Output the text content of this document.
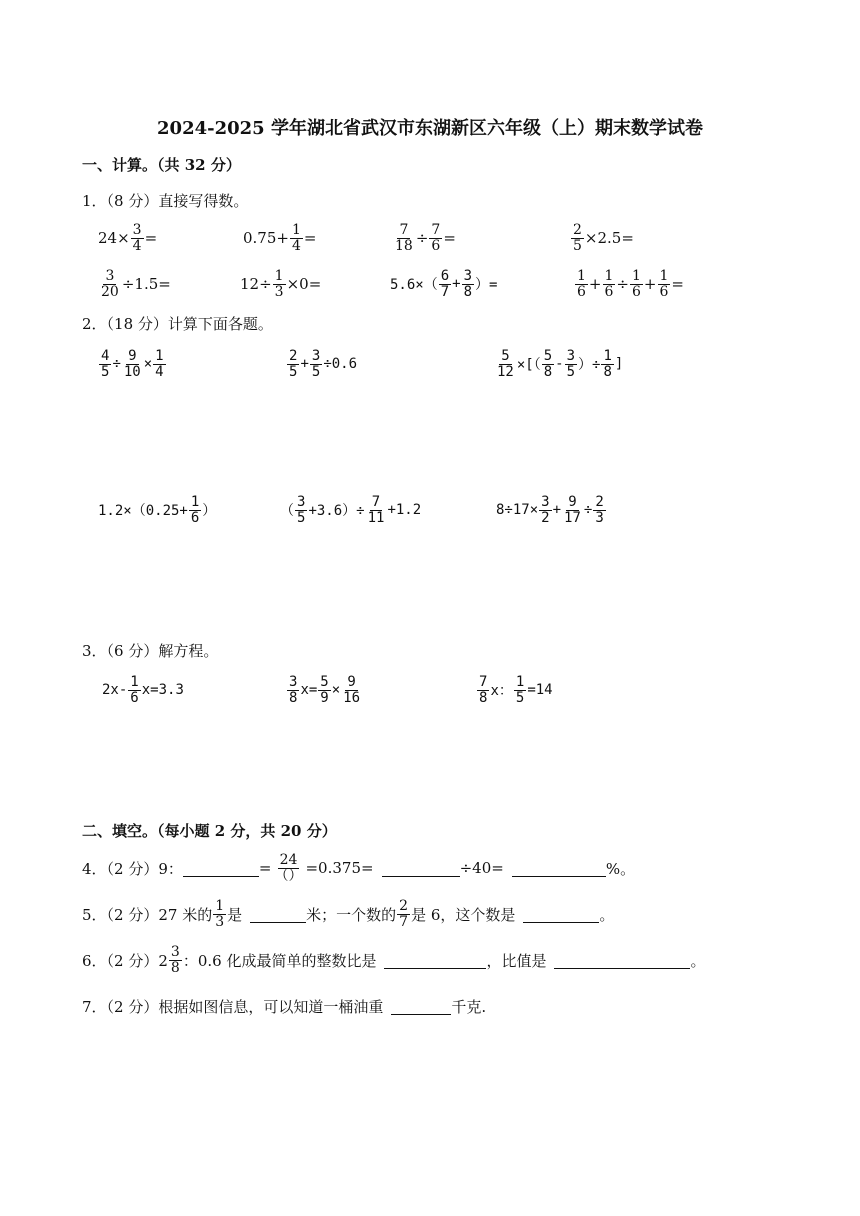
2024-2025 学年湖北省武汉市东湖新区六年级（上）期末数学试卷
一、计算。（共 32 分）
1．（8 分）直接写得数。
$24\times \frac{3}{4}$ =	$0.75+ \frac{1}{4}$ =	$\frac{7}{18} \div \frac{7}{6}$ =	$\frac{2}{5} \times 2.5=$
$\frac{3}{20} \div 1.5=$	$12\div \frac{1}{3} \times 0=$	$5.6\times( \frac{6}{7} + \frac{3}{8}$ ）=	$\frac{1}{6} + \frac{1}{6} \div \frac{1}{6} + \frac{1}{6}$ =
2．（18 分）计算下面各题。
$\frac{4}{5} \div \frac{9}{10} \times \frac{1}{4}$	$\frac{2}{5} + \frac{3}{5} \div 0.6$	$\frac{5}{12}$ ×[（ $\frac{5}{8} - \frac{3}{5}$ ）÷ $\frac{1}{8}$ ]
$1.2\times(0.25+ \frac{1}{6}$ ）	（ $\frac{3}{5} +3.6)\div \frac{7}{11} +1.2$	$8\div 17\times \frac{3}{2} + \frac{9}{17} \div \frac{2}{3}$
3．（6 分）解方程。
$2x- \frac{1}{6} x=3.3$	$\frac{3}{8} x= \frac{5}{9} \times \frac{9}{16}$	$\frac{7}{8}$ x： $\frac{1}{5} =14$
二、填空。（每小题 2 分，共 20 分）
4．（2 分）9：	= $\frac{24}{()} =0.375=$	÷40=	%。
5．（2 分）27 米的 $\frac{1}{3}$ 是	米；一个数的 $\frac{2}{7}$ 是 6，这个数是	。
6．（2 分）$2 \frac{3}{8}$ ：0.6 化成最简单的整数比是	，比值是	。
7．（2 分）根据如图信息，可以知道一桶油重	千克.
